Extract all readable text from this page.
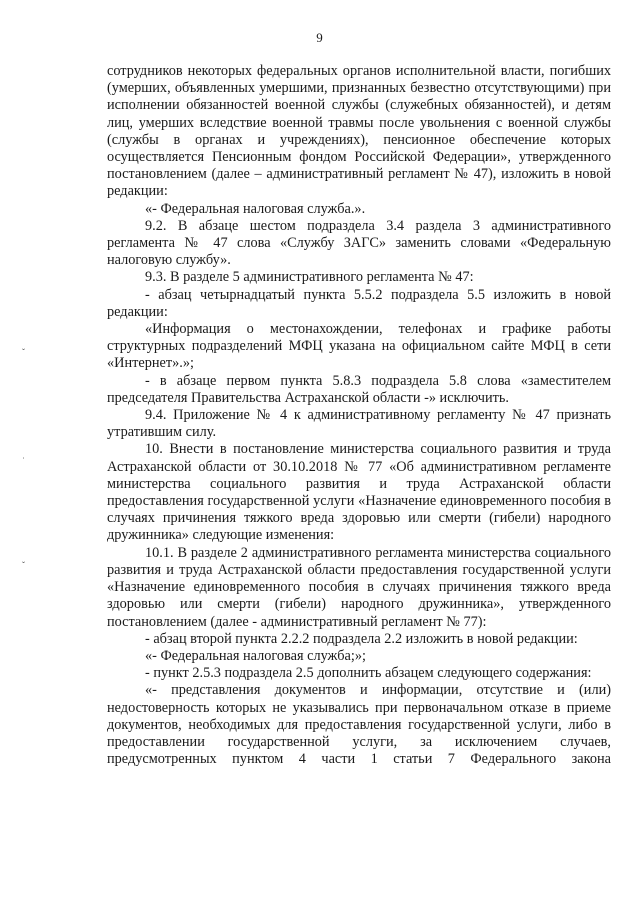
9
ˇ
˙
ˇ

сотрудников некоторых федеральных органов исполнительной власти, погибших (умерших, объявленных умершими, признанных безвестно отсутствующими) при исполнении обязанностей военной службы (служебных обязанностей), и детям лиц, умерших вследствие военной травмы после увольнения с военной службы (службы в органах и учреждениях), пенсионное обеспечение которых осуществляется Пенсионным фондом Российской Федерации», утвержденного постановлением (далее – административный регламент № 47), изложить в новой редакции:

«- Федеральная налоговая служба.».

9.2. В абзаце шестом подраздела 3.4 раздела 3 административного регламента № 47 слова «Службу ЗАГС» заменить словами «Федеральную налоговую службу».

9.3. В разделе 5 административного регламента № 47:

- абзац четырнадцатый пункта 5.5.2 подраздела 5.5 изложить в новой редакции:

«Информация о местонахождении, телефонах и графике работы структурных подразделений МФЦ указана на официальном сайте МФЦ в сети «Интернет».»;

- в абзаце первом пункта 5.8.3 подраздела 5.8 слова «заместителем председателя Правительства Астраханской области -» исключить.

9.4. Приложение № 4 к административному регламенту № 47 признать утратившим силу.

10. Внести в постановление министерства социального развития и труда Астраханской области от 30.10.2018 № 77 «Об административном регламенте министерства социального развития и труда Астраханской области предоставления государственной услуги «Назначение единовременного пособия в случаях причинения тяжкого вреда здоровью или смерти (гибели) народного дружинника» следующие изменения:

10.1. В разделе 2 административного регламента министерства социального развития и труда Астраханской области предоставления государственной услуги «Назначение единовременного пособия в случаях причинения тяжкого вреда здоровью или смерти (гибели) народного дружинника», утвержденного постановлением (далее - административный регламент № 77):

- абзац второй пункта 2.2.2 подраздела 2.2 изложить в новой редакции:

«- Федеральная налоговая служба;»;

- пункт 2.5.3 подраздела 2.5 дополнить абзацем следующего содержания:

«- представления документов и информации, отсутствие и (или) недостоверность которых не указывались при первоначальном отказе в приеме документов, необходимых для предоставления государственной услуги, либо в предоставлении государственной услуги, за исключением случаев, предусмотренных пунктом 4 части 1 статьи 7 Федерального закона
